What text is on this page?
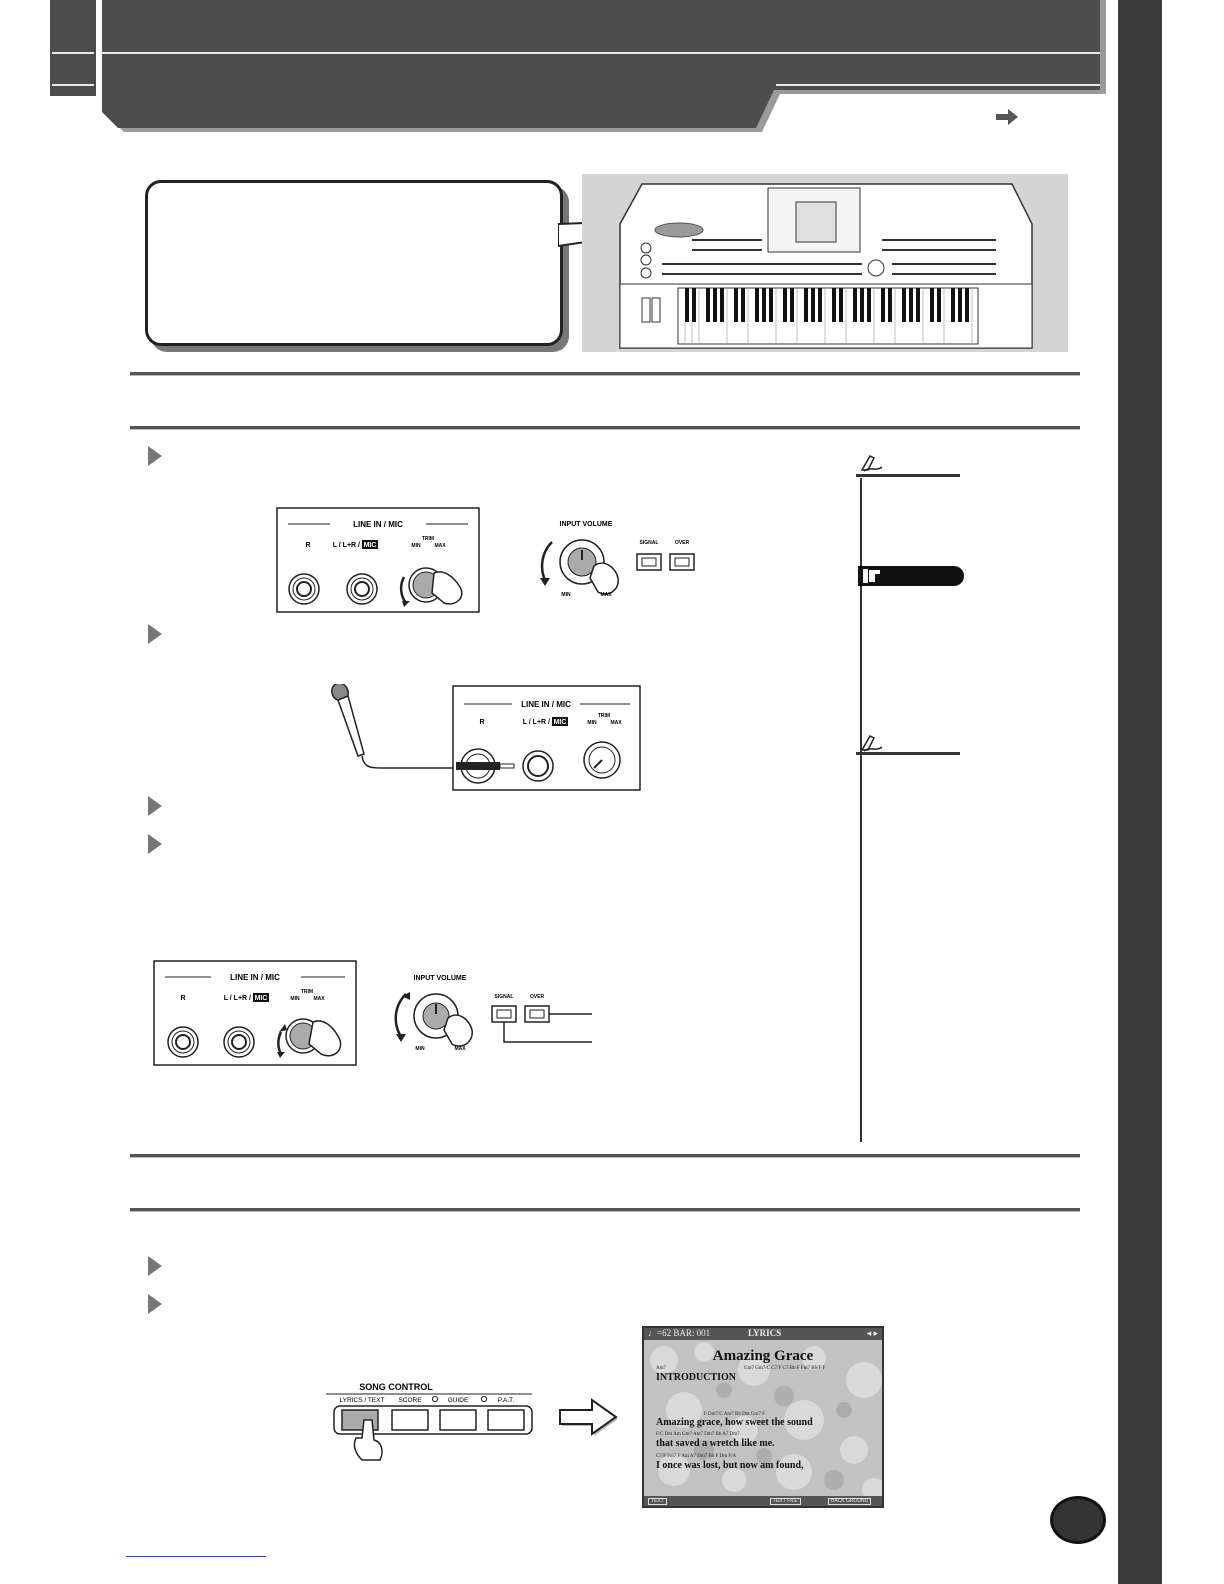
LINE IN / MIC
R	L / L+R / MIC
TRIM
MIN	MAX
INPUT VOLUME
MIN	MAX
SIGNAL	OVER
LINE IN / MIC
R	L / L+R / MIC
TRIM
MIN	MAX
LINE IN / MIC
R	L / L+R / MIC
TRIM
MIN	MAX
INPUT VOLUME
MIN	MAX
SIGNAL	OVER
SONG CONTROL
LYRICS / TEXT SCORE	GUIDE	P.A.T.
♩=62 BAR: 001	LYRICS	◂ ▸
Amazing Grace
Am7	Gm7 Gm7/C C7/F C7/Bb F Fm7 Bb/F F
INTRODUCTION
F Dm7/C Am7 Bb Dm Gm7 F
Amazing grace, how sweet the sound
F/C Dm Am Gm7 Am7 Dm7 Bb A7 Dm7
that saved a wretch like me.
C7/F Fm7 F Am A7 Dm7 Bb F Dm F/A
I once was lost, but now am found,
TEXT	TEXT FILE	BACK GROUND
